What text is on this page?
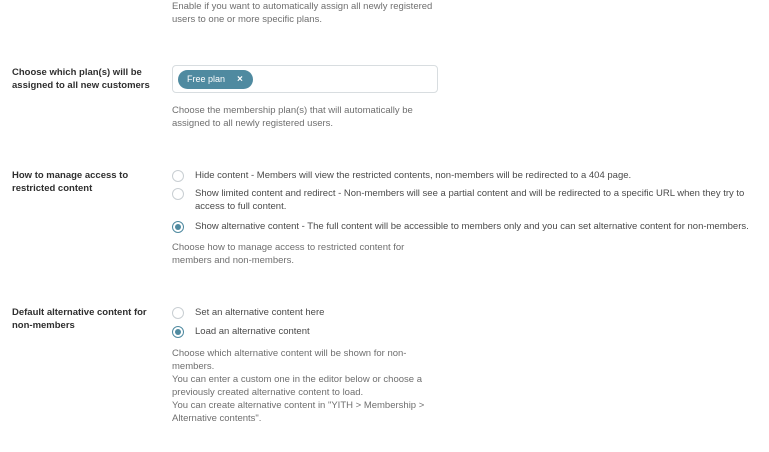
Enable if you want to automatically assign all newly registered
users to one or more specific plans.
Choose which plan(s) will be
assigned to all new customers
Free plan ×
Choose the membership plan(s) that will automatically be
assigned to all newly registered users.
How to manage access to
restricted content
Hide content - Members will view the restricted contents, non-members will be redirected to a 404 page.
Show limited content and redirect - Non-members will see a partial content and will be redirected to a specific URL when they try to
access to full content.
Show alternative content - The full content will be accessible to members only and you can set alternative content for non-members.
Choose how to manage access to restricted content for
members and non-members.
Default alternative content for
non-members
Set an alternative content here
Load an alternative content
Choose which alternative content will be shown for non-
members.
You can enter a custom one in the editor below or choose a
previously created alternative content to load.
You can create alternative content in "YITH > Membership >
Alternative contents".
